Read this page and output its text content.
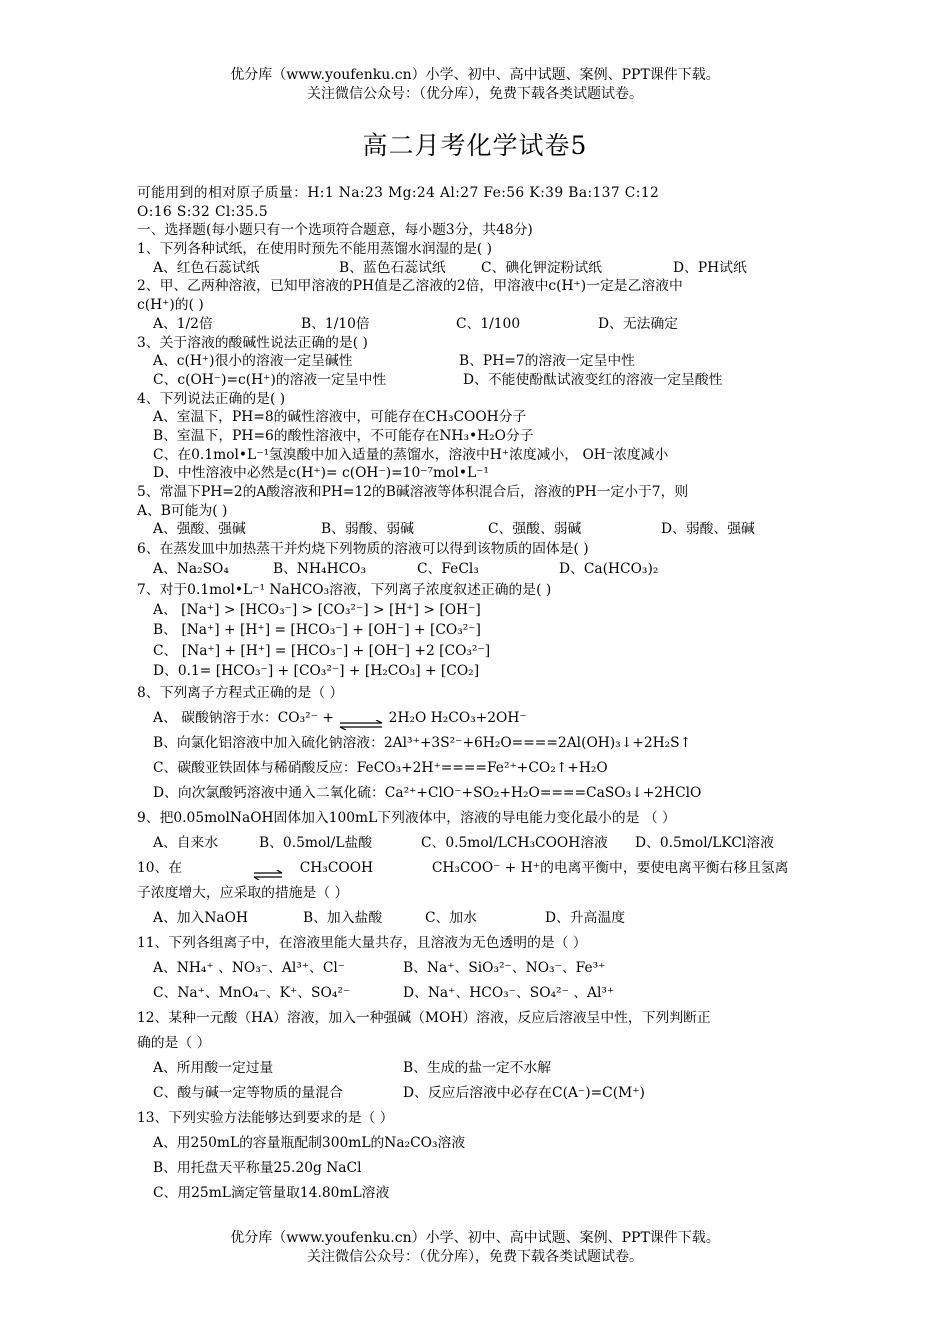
优分库（www.youfenku.cn）小学、初中、高中试题、案例、PPT课件下载。
关注微信公众号：（优分库），免费下载各类试题试卷。
高二月考化学试卷5
可能用到的相对原子质量：H:1 Na:23 Mg:24 Al:27 Fe:56 K:39 Ba:137 C:12
O:16 S:32 Cl:35.5
一、选择题(每小题只有一个选项符合题意，每小题3分，共48分)
1、下列各种试纸，在使用时预先不能用蒸馏水润湿的是( )
A、红色石蕊试纸	B、蓝色石蕊试纸	C、碘化钾淀粉试纸	D、PH试纸
2、甲、乙两种溶液，已知甲溶液的PH值是乙溶液的2倍，甲溶液中c(H⁺)一定是乙溶液中
c(H⁺)的( )
A、1/2倍	B、1/10倍	C、1/100	D、无法确定
3、关于溶液的酸碱性说法正确的是( )
A、c(H⁺)很小的溶液一定呈碱性	B、PH=7的溶液一定呈中性
C、c(OH⁻)=c(H⁺)的溶液一定呈中性	D、不能使酚酞试液变红的溶液一定呈酸性
4、下列说法正确的是( )
A、室温下，PH=8的碱性溶液中，可能存在CH₃COOH分子
B、室温下，PH=6的酸性溶液中，不可能存在NH₃•H₂O分子
C、在0.1mol•L⁻¹氢溴酸中加入适量的蒸馏水，溶液中H⁺浓度减小， OH⁻浓度减小
D、中性溶液中必然是c(H⁺)= c(OH⁻)=10⁻⁷mol•L⁻¹
5、常温下PH=2的A酸溶液和PH=12的B碱溶液等体积混合后，溶液的PH一定小于7，则
A、B可能为( )
A、强酸、强碱	B、弱酸、弱碱	C、强酸、弱碱	D、弱酸、强碱
6、在蒸发皿中加热蒸干并灼烧下列物质的溶液可以得到该物质的固体是( )
A、Na₂SO₄	B、NH₄HCO₃	C、FeCl₃	D、Ca(HCO₃)₂
7、对于0.1mol•L⁻¹ NaHCO₃溶液，下列离子浓度叙述正确的是( )
A、 [Na⁺] > [HCO₃⁻] > [CO₃²⁻] > [H⁺] > [OH⁻]
B、 [Na⁺] + [H⁺] = [HCO₃⁻] + [OH⁻] + [CO₃²⁻]
C、 [Na⁺] + [H⁺] = [HCO₃⁻] + [OH⁻] +2 [CO₃²⁻]
D、0.1= [HCO₃⁻] + [CO₃²⁻] + [H₂CO₃] + [CO₂]
8、下列离子方程式正确的是（ ）
A、 碳酸钠溶于水：CO₃²⁻ + ⇌ 2H₂O H₂CO₃+2OH⁻
B、向氯化铝溶液中加入硫化钠溶液：2Al³⁺+3S²⁻+6H₂O====2Al(OH)₃↓+2H₂S↑
C、碳酸亚铁固体与稀硝酸反应：FeCO₃+2H⁺====Fe²⁺+CO₂↑+H₂O
D、向次氯酸钙溶液中通入二氧化硫：Ca²⁺+ClO⁻+SO₂+H₂O====CaSO₃↓+2HClO
9、把0.05molNaOH固体加入100mL下列液体中，溶液的导电能力变化最小的是 （ ）
A、自来水	B、0.5mol/L盐酸	C、0.5mol/LCH₃COOH溶液 D、0.5mol/LKCl溶液
10、在	⇌ CH₃COOH	CH₃COO⁻ + H⁺的电离平衡中，要使电离平衡右移且氢离
子浓度增大，应采取的措施是（ ）
A、加入NaOH	B、加入盐酸	C、加水	D、升高温度
11、下列各组离子中，在溶液里能大量共存，且溶液为无色透明的是（ ）
A、NH₄⁺ 、NO₃⁻、Al³⁺、Cl⁻	B、Na⁺、SiO₃²⁻、NO₃⁻、Fe³⁺
C、Na⁺、MnO₄⁻、K⁺、SO₄²⁻	D、Na⁺、HCO₃⁻、SO₄²⁻ 、Al³⁺
12、某种一元酸（HA）溶液，加入一种强碱（MOH）溶液，反应后溶液呈中性，下列判断正
确的是（ ）
A、所用酸一定过量	B、生成的盐一定不水解
C、酸与碱一定等物质的量混合	D、反应后溶液中必存在C(A⁻)=C(M⁺)
13、下列实验方法能够达到要求的是（ ）
A、用250mL的容量瓶配制300mL的Na₂CO₃溶液
B、用托盘天平称量25.20g NaCl
C、用25mL滴定管量取14.80mL溶液
优分库（www.youfenku.cn）小学、初中、高中试题、案例、PPT课件下载。
关注微信公众号：（优分库），免费下载各类试题试卷。
